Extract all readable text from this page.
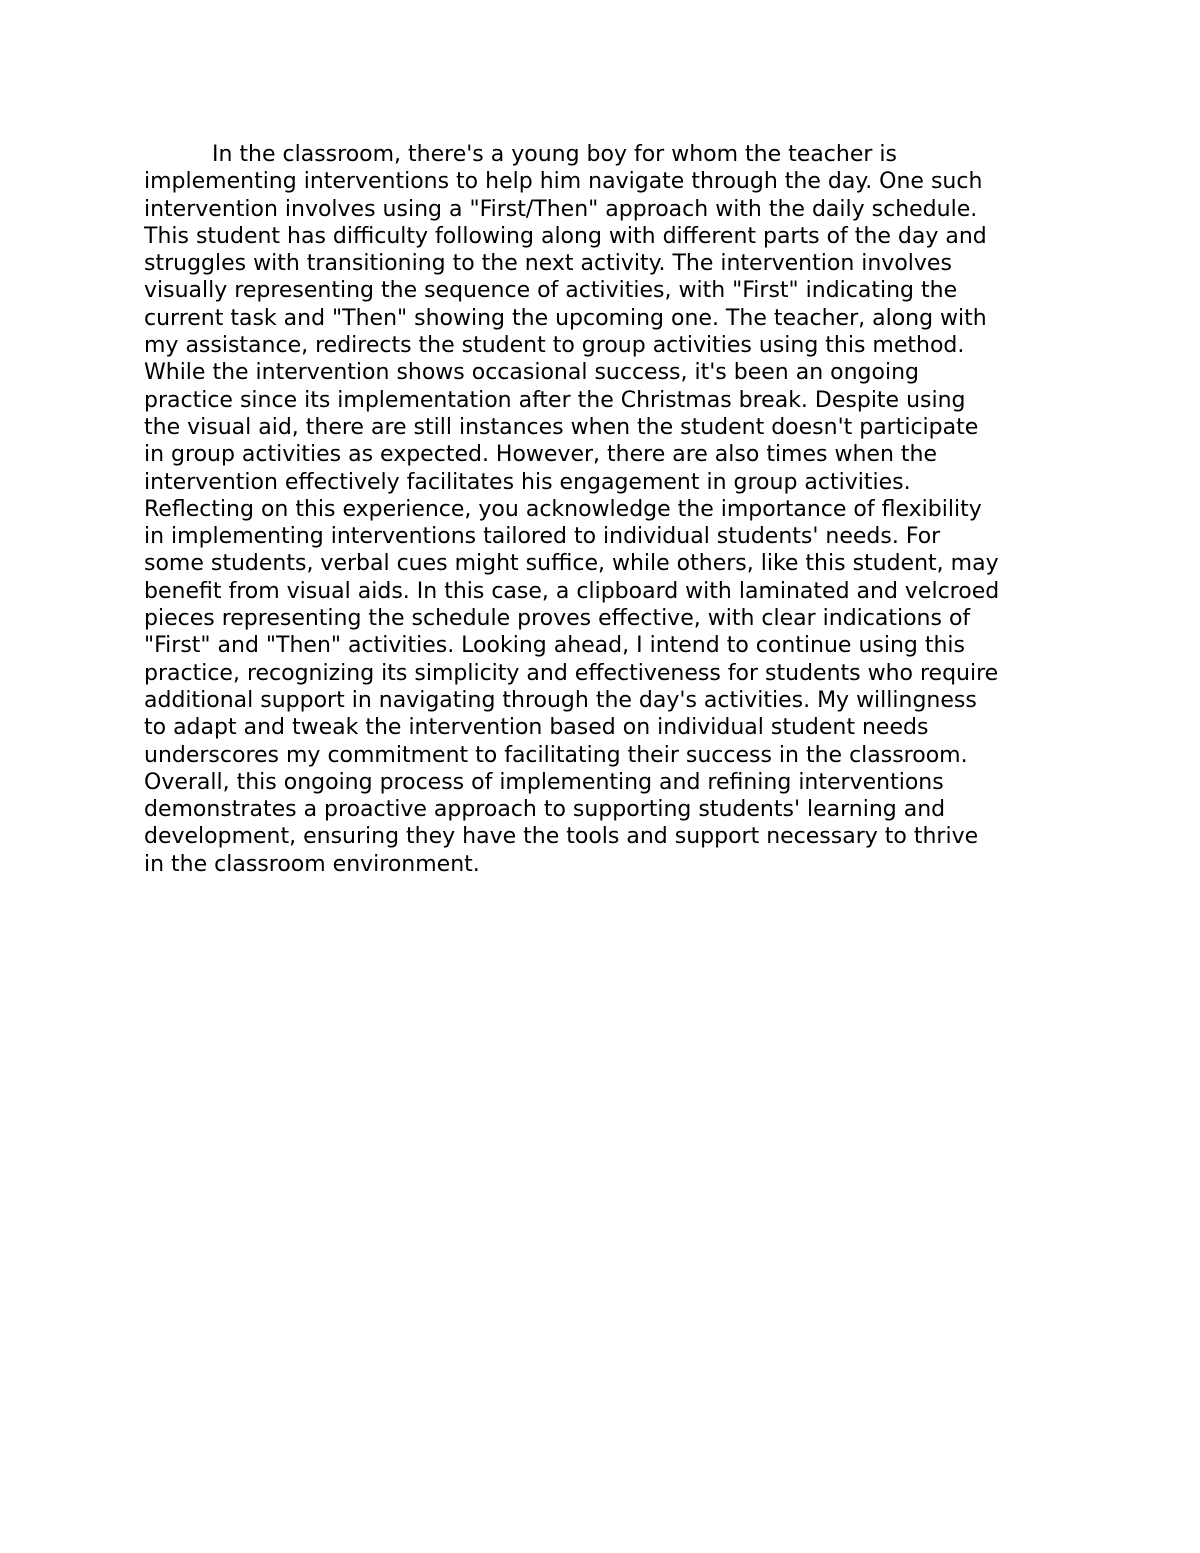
In the classroom, there's a young boy for whom the teacher is
implementing interventions to help him navigate through the day. One such
intervention involves using a "First/Then" approach with the daily schedule.
This student has difficulty following along with different parts of the day and
struggles with transitioning to the next activity. The intervention involves
visually representing the sequence of activities, with "First" indicating the
current task and "Then" showing the upcoming one. The teacher, along with
my assistance, redirects the student to group activities using this method.
While the intervention shows occasional success, it's been an ongoing
practice since its implementation after the Christmas break. Despite using
the visual aid, there are still instances when the student doesn't participate
in group activities as expected. However, there are also times when the
intervention effectively facilitates his engagement in group activities.
Reflecting on this experience, you acknowledge the importance of flexibility
in implementing interventions tailored to individual students' needs. For
some students, verbal cues might suffice, while others, like this student, may
benefit from visual aids. In this case, a clipboard with laminated and velcroed
pieces representing the schedule proves effective, with clear indications of
"First" and "Then" activities. Looking ahead, I intend to continue using this
practice, recognizing its simplicity and effectiveness for students who require
additional support in navigating through the day's activities. My willingness
to adapt and tweak the intervention based on individual student needs
underscores my commitment to facilitating their success in the classroom.
Overall, this ongoing process of implementing and refining interventions
demonstrates a proactive approach to supporting students' learning and
development, ensuring they have the tools and support necessary to thrive
in the classroom environment.
